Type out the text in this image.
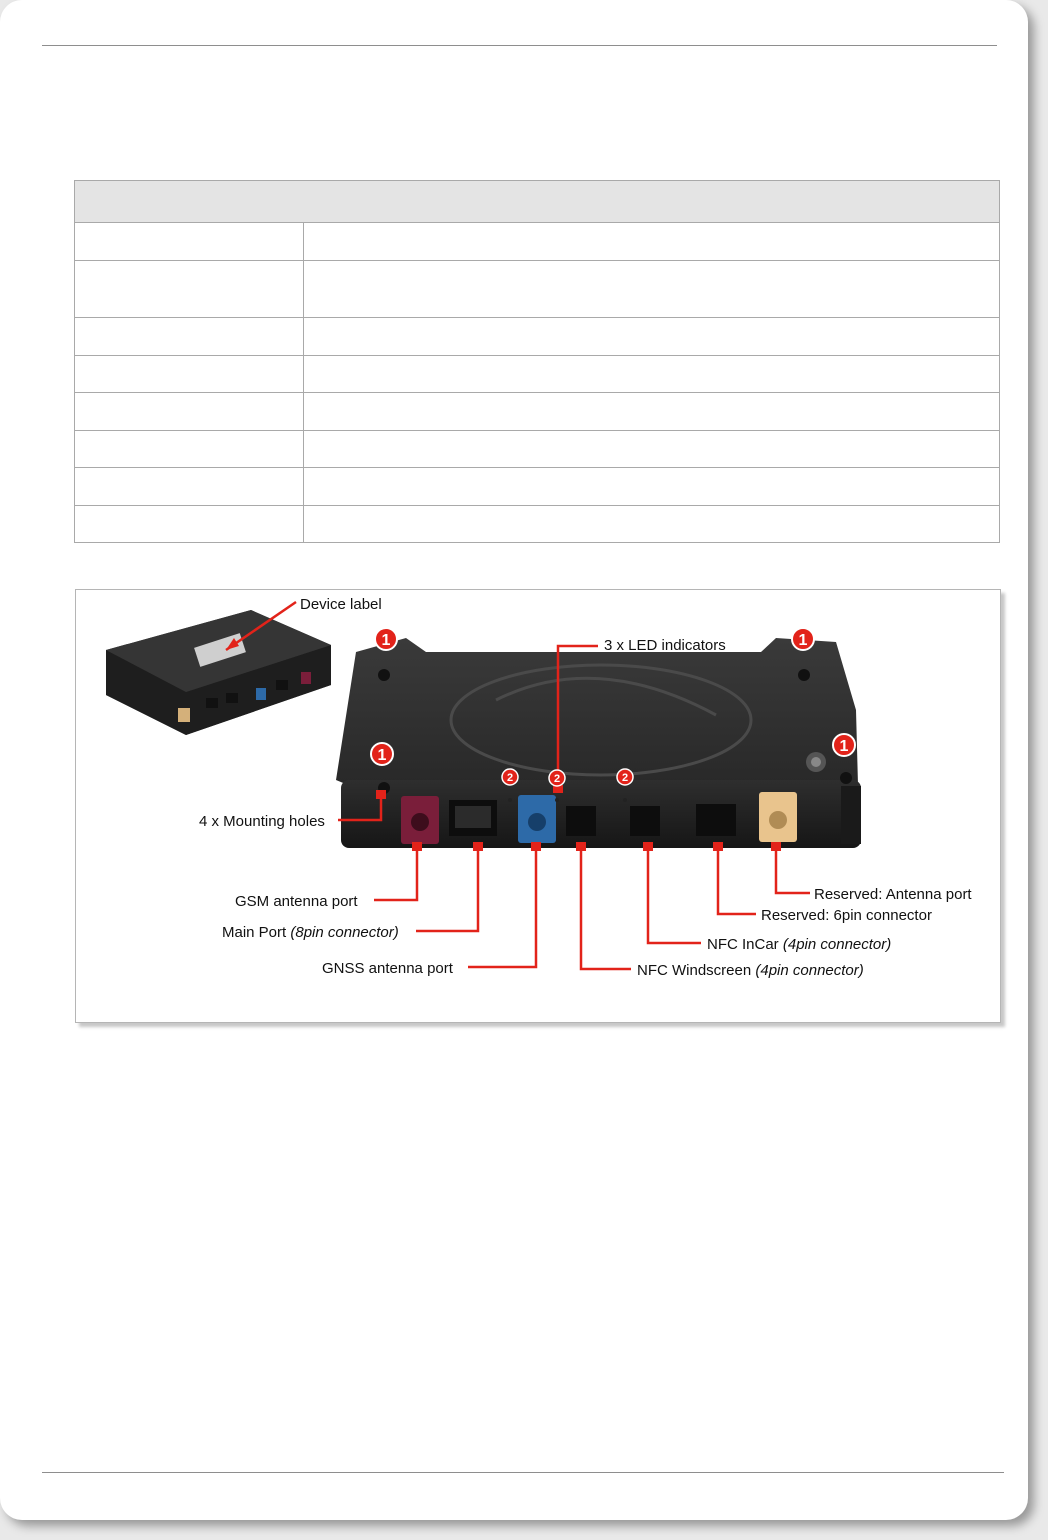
Device label
1	1
1
1
2	2	2
3 x LED indicators
4 x Mounting holes
GSM antenna port
Main Port (8pin connector)
GNSS antenna port
Reserved: Antenna port
Reserved: 6pin connector
NFC InCar (4pin connector)
NFC Windscreen (4pin connector)
